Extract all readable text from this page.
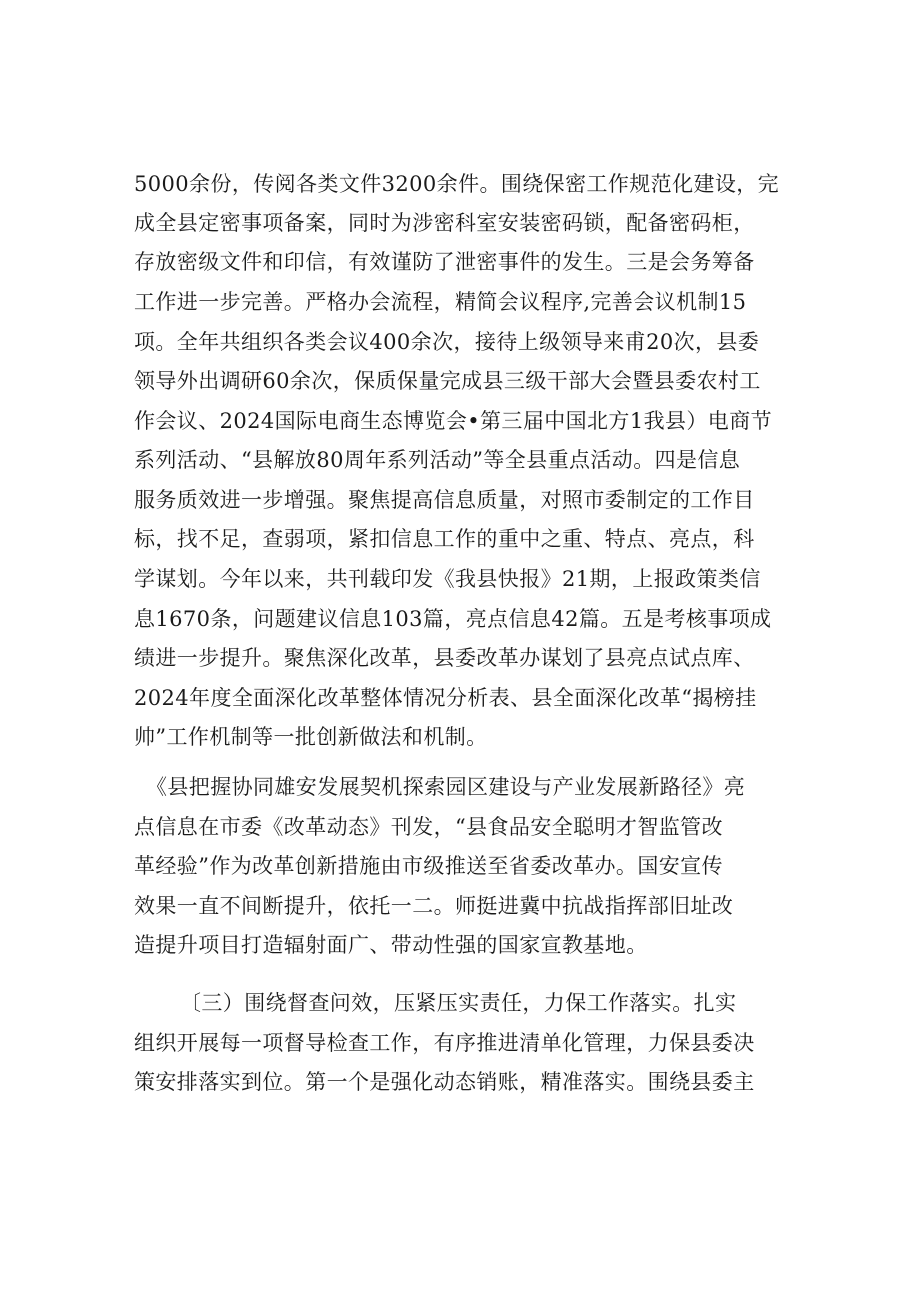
5000余份，传阅各类文件3200余件。围绕保密工作规范化建设，完
成全县定密事项备案，同时为涉密科室安装密码锁，配备密码柜，
存放密级文件和印信，有效谨防了泄密事件的发生。三是会务筹备
工作进一步完善。严格办会流程，精简会议程序,完善会议机制15
项。全年共组织各类会议400余次，接待上级领导来甫20次，县委
领导外出调研60余次，保质保量完成县三级干部大会暨县委农村工
作会议、2024国际电商生态博览会•第三届中国北方1我县）电商节
系列活动、“县解放80周年系列活动”等全县重点活动。四是信息
服务质效进一步增强。聚焦提高信息质量，对照市委制定的工作目
标，找不足，查弱项，紧扣信息工作的重中之重、特点、亮点，科
学谋划。今年以来，共刊载印发《我县快报》21期，上报政策类信
息1670条，问题建议信息103篇，亮点信息42篇。五是考核事项成
绩进一步提升。聚焦深化改革，县委改革办谋划了县亮点试点库、
2024年度全面深化改革整体情况分析表、县全面深化改革“揭榜挂
帅”工作机制等一批创新做法和机制。
《县把握协同雄安发展契机探索园区建设与产业发展新路径》亮
点信息在市委《改革动态》刊发，“县食品安全聪明才智监管改
革经验”作为改革创新措施由市级推送至省委改革办。国安宣传
效果一直不间断提升，依托一二。师挺进冀中抗战指挥部旧址改
造提升项目打造辐射面广、带动性强的国家宣教基地。
〔三）围绕督查问效，压紧压实责任，力保工作落实。扎实
组织开展每一项督导检查工作，有序推进清单化管理，力保县委决
策安排落实到位。第一个是强化动态销账，精准落实。围绕县委主
